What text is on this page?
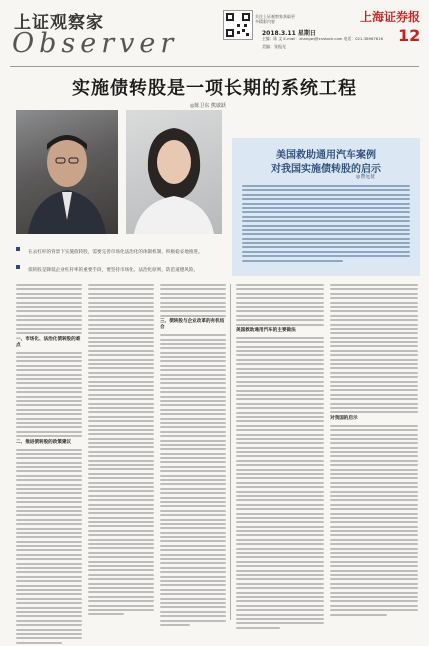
上证观察家
Observer
关注上证观察家获取更多精彩内容
2018.3.11 星期日
主编：陈 文 E-mail：zhangwj@cnstock.com 电话：021-38967616
美编：张振光
上海证券报
12
实施债转股是一项长期的系统工程
◎陈卫东 熊啟跃
美国救助通用汽车案例
对我国实施债转股的启示
◎曹远征
在去杠杆的背景下实施债转股，需要完善市场化法治化的体制机制，积极稳妥地推进。
债转股是降低企业杠杆率的重要手段，要坚持市场化、法治化原则，防范道德风险。
一、市场化、法治化债转股的难点
二、推进债转股的政策建议
三、债转股与企业改革的有机结合
美国救助通用汽车的主要做法
对我国的启示
